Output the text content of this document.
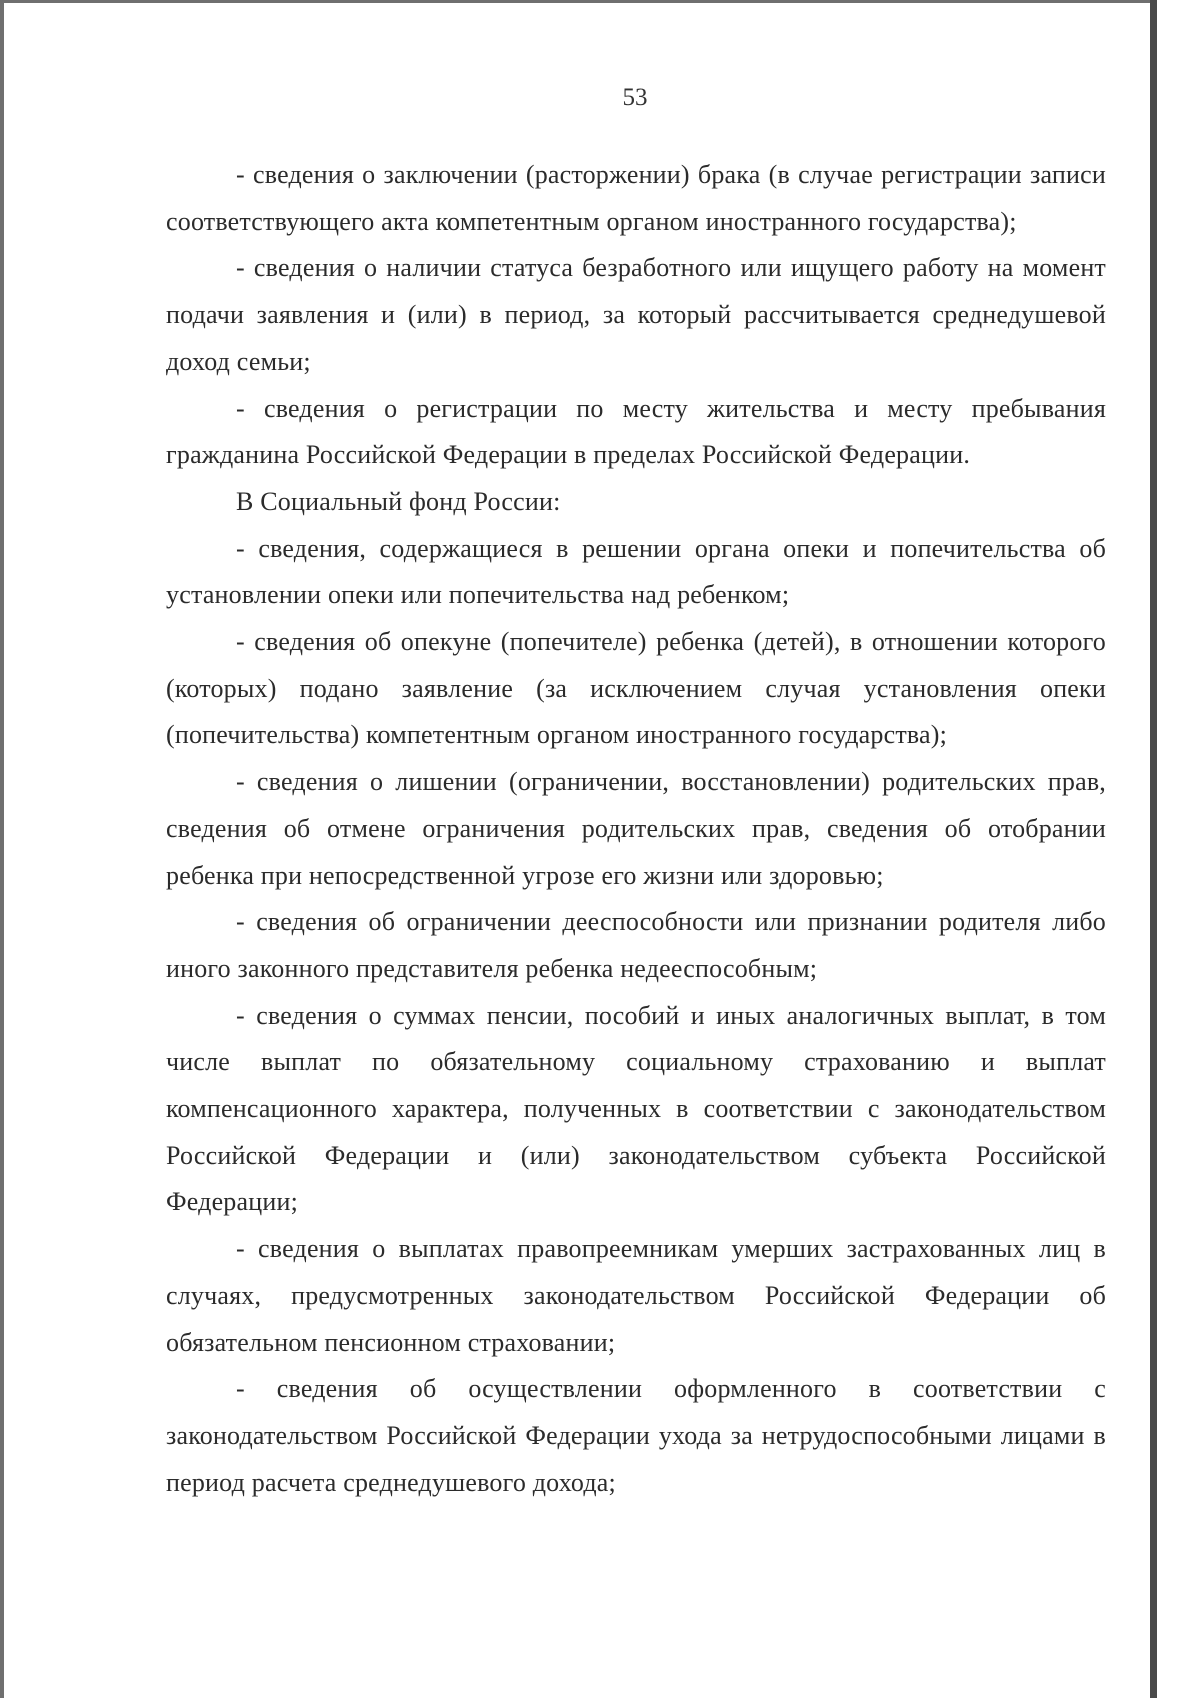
53

- сведения о заключении (расторжении) брака (в случае регистрации записи соответствующего акта компетентным органом иностранного государства);

- сведения о наличии статуса безработного или ищущего работу на момент подачи заявления и (или) в период, за который рассчитывается среднедушевой доход семьи;

- сведения о регистрации по месту жительства и месту пребывания гражданина Российской Федерации в пределах Российской Федерации.

В Социальный фонд России:

- сведения, содержащиеся в решении органа опеки и попечительства об установлении опеки или попечительства над ребенком;

- сведения об опекуне (попечителе) ребенка (детей), в отношении которого (которых) подано заявление (за исключением случая установления опеки (попечительства) компетентным органом иностранного государства);

- сведения о лишении (ограничении, восстановлении) родительских прав, сведения об отмене ограничения родительских прав, сведения об отобрании ребенка при непосредственной угрозе его жизни или здоровью;

- сведения об ограничении дееспособности или признании родителя либо иного законного представителя ребенка недееспособным;

- сведения о суммах пенсии, пособий и иных аналогичных выплат, в том числе выплат по обязательному социальному страхованию и выплат компенсационного характера, полученных в соответствии с законодательством Российской Федерации и (или) законодательством субъекта Российской Федерации;

- сведения о выплатах правопреемникам умерших застрахованных лиц в случаях, предусмотренных законодательством Российской Федерации об обязательном пенсионном страховании;

- сведения об осуществлении оформленного в соответствии с законодательством Российской Федерации ухода за нетрудоспособными лицами в период расчета среднедушевого дохода;
